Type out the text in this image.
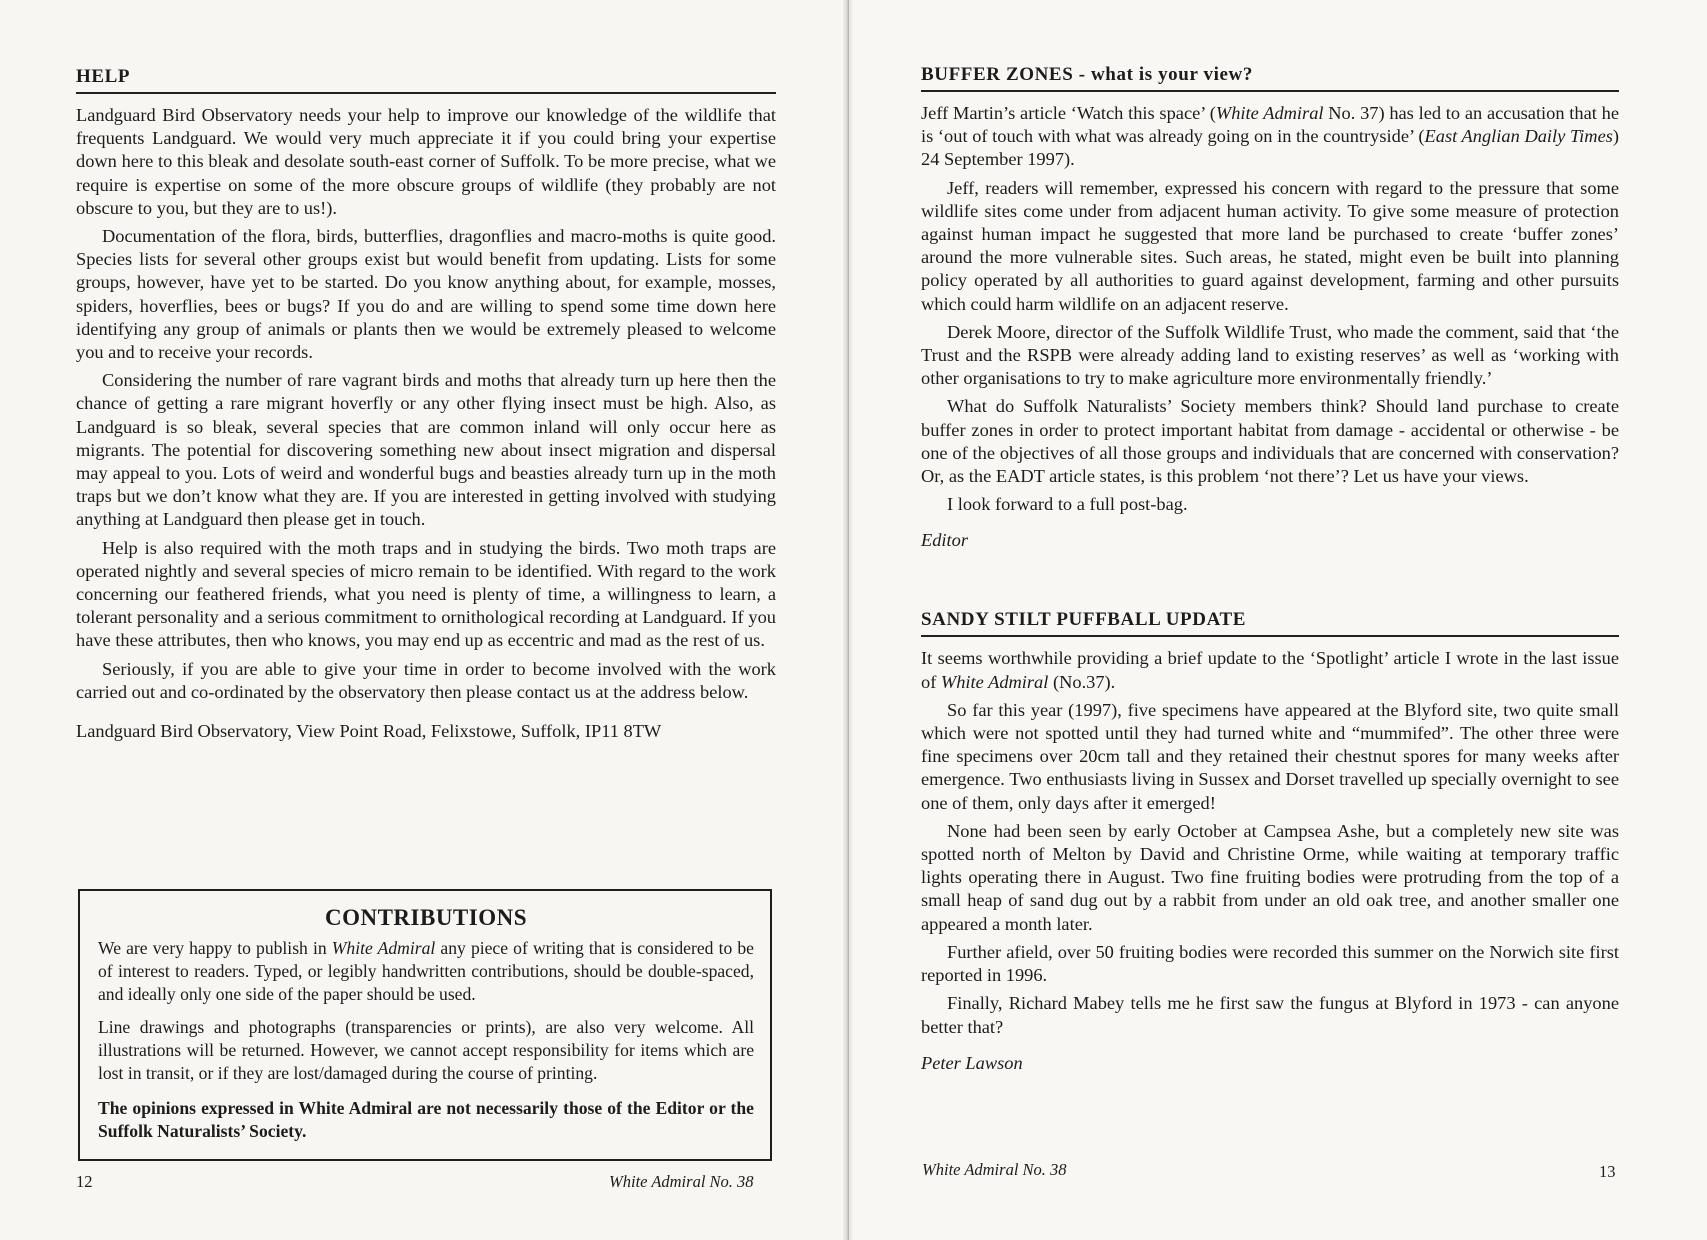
HELP

Landguard Bird Observatory needs your help to improve our knowledge of the wildlife that frequents Landguard. We would very much appreciate it if you could bring your expertise down here to this bleak and desolate south-east corner of Suffolk. To be more precise, what we require is expertise on some of the more obscure groups of wildlife (they probably are not obscure to you, but they are to us!).

Documentation of the flora, birds, butterflies, dragonflies and macro-moths is quite good. Species lists for several other groups exist but would benefit from updating. Lists for some groups, however, have yet to be started. Do you know anything about, for example, mosses, spiders, hoverflies, bees or bugs? If you do and are willing to spend some time down here identifying any group of animals or plants then we would be extremely pleased to welcome you and to receive your records.

Considering the number of rare vagrant birds and moths that already turn up here then the chance of getting a rare migrant hoverfly or any other flying insect must be high. Also, as Landguard is so bleak, several species that are common inland will only occur here as migrants. The potential for discovering something new about insect migration and dispersal may appeal to you. Lots of weird and wonderful bugs and beasties already turn up in the moth traps but we don’t know what they are. If you are interested in getting involved with studying anything at Landguard then please get in touch.

Help is also required with the moth traps and in studying the birds. Two moth traps are operated nightly and several species of micro remain to be identified. With regard to the work concerning our feathered friends, what you need is plenty of time, a willingness to learn, a tolerant personality and a serious commitment to ornithological recording at Landguard. If you have these attributes, then who knows, you may end up as eccentric and mad as the rest of us.

Seriously, if you are able to give your time in order to become involved with the work carried out and co-ordinated by the observatory then please contact us at the address below.

Landguard Bird Observatory, View Point Road, Felixstowe, Suffolk, IP11 8TW

CONTRIBUTIONS

We are very happy to publish in White Admiral any piece of writing that is considered to be of interest to readers. Typed, or legibly handwritten contributions, should be double-spaced, and ideally only one side of the paper should be used.

Line drawings and photographs (transparencies or prints), are also very welcome. All illustrations will be returned. However, we cannot accept responsibility for items which are lost in transit, or if they are lost/damaged during the course of printing.

The opinions expressed in White Admiral are not necessarily those of the Editor or the Suffolk Naturalists’ Society.

12	White Admiral No. 38
BUFFER ZONES - what is your view?

Jeff Martin’s article ‘Watch this space’ (White Admiral No. 37) has led to an accusation that he is ‘out of touch with what was already going on in the countryside’ (East Anglian Daily Times) 24 September 1997).

Jeff, readers will remember, expressed his concern with regard to the pressure that some wildlife sites come under from adjacent human activity. To give some measure of protection against human impact he suggested that more land be purchased to create ‘buffer zones’ around the more vulnerable sites. Such areas, he stated, might even be built into planning policy operated by all authorities to guard against development, farming and other pursuits which could harm wildlife on an adjacent reserve.

Derek Moore, director of the Suffolk Wildlife Trust, who made the comment, said that ‘the Trust and the RSPB were already adding land to existing reserves’ as well as ‘working with other organisations to try to make agriculture more environmentally friendly.’

What do Suffolk Naturalists’ Society members think? Should land purchase to create buffer zones in order to protect important habitat from damage - accidental or otherwise - be one of the objectives of all those groups and individuals that are concerned with conservation? Or, as the EADT article states, is this problem ‘not there’? Let us have your views.

I look forward to a full post-bag.

Editor

SANDY STILT PUFFBALL UPDATE

It seems worthwhile providing a brief update to the ‘Spotlight’ article I wrote in the last issue of White Admiral (No.37).

So far this year (1997), five specimens have appeared at the Blyford site, two quite small which were not spotted until they had turned white and “mummifed”. The other three were fine specimens over 20cm tall and they retained their chestnut spores for many weeks after emergence. Two enthusiasts living in Sussex and Dorset travelled up specially overnight to see one of them, only days after it emerged!

None had been seen by early October at Campsea Ashe, but a completely new site was spotted north of Melton by David and Christine Orme, while waiting at temporary traffic lights operating there in August. Two fine fruiting bodies were protruding from the top of a small heap of sand dug out by a rabbit from under an old oak tree, and another smaller one appeared a month later.

Further afield, over 50 fruiting bodies were recorded this summer on the Norwich site first reported in 1996.

Finally, Richard Mabey tells me he first saw the fungus at Blyford in 1973 - can anyone better that?

Peter Lawson

White Admiral No. 38	13
